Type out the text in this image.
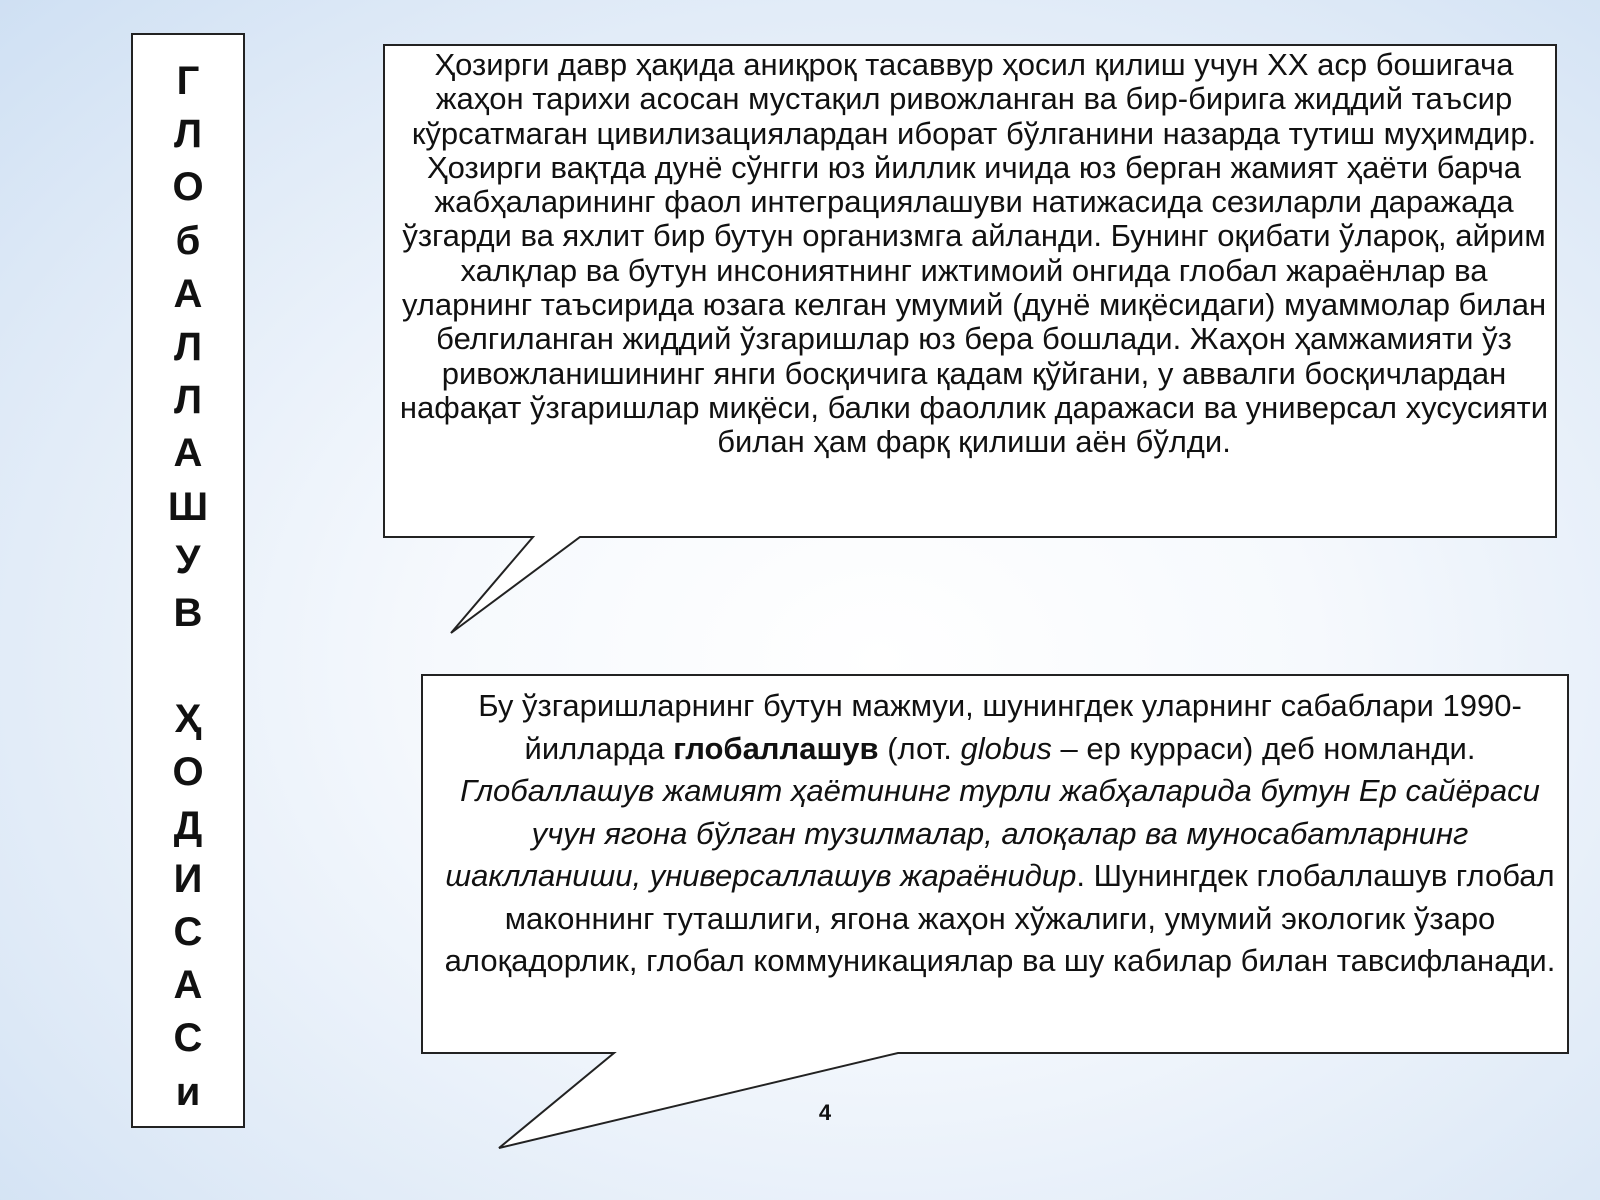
Г
Л
О
б
А
Л
Л
А
Ш
У
В
Ҳ
О
Д
И
С
А
С
и
Ҳозирги давр ҳақида аниқроқ тасаввур ҳосил қилиш учун XX аср бошигача жаҳон тарихи асосан мустақил ривожланган ва бир-бирига жиддий таъсир кўрсатмаган цивилизациялардан иборат бўлганини назарда тутиш муҳимдир. Ҳозирги вақтда дунё сўнгги юз йиллик ичида юз берган жамият ҳаёти барча жабҳаларининг фаол интеграциялашуви натижасида сезиларли даражада ўзгарди ва яхлит бир бутун организмга айланди. Бунинг оқибати ўлароқ, айрим халқлар ва бутун инсониятнинг ижтимоий онгида глобал жараёнлар ва уларнинг таъсирида юзага келган умумий (дунё миқёсидаги) муаммолар билан белгиланган жиддий ўзгаришлар юз бера бошлади. Жаҳон ҳамжамияти ўз ривожланишининг янги босқичига қадам қўйгани, у аввалги босқичлардан нафақат ўзгаришлар миқёси, балки фаоллик даражаси ва универсал хусусияти билан ҳам фарқ қилиши аён бўлди.
Бу ўзгаришларнинг бутун мажмуи, шунингдек уларнинг сабаблари 1990-йилларда глобаллашув (лот. globus – ер курраси) деб номланди. Глобаллашув жамият ҳаётининг турли жабҳаларида бутун Ер сайёраси учун ягона бўлган тузилмалар, алоқалар ва муносабатларнинг шаклланиши, универсаллашув жараёнидир. Шунингдек глобаллашув глобал маконнинг туташлиги, ягона жаҳон хўжалиги, умумий экологик ўзаро алоқадорлик, глобал коммуникациялар ва шу кабилар билан тавсифланади.
4
